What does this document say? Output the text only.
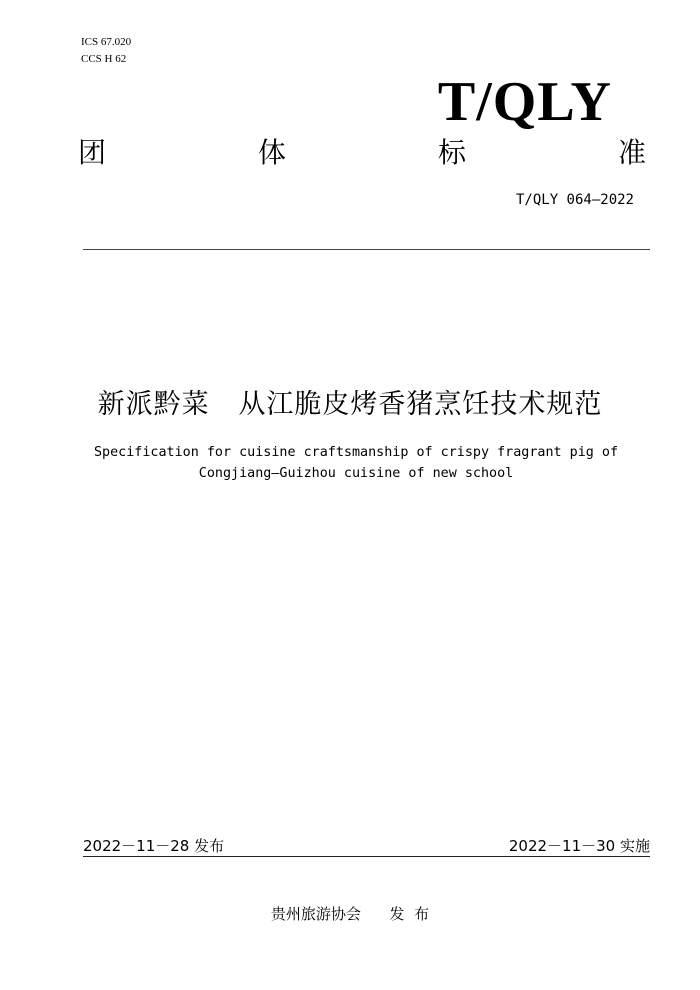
ICS 67.020
CCS H 62
T/QLY
团	体	标	准
T/QLY 064—2022
新派黔菜   从江脆皮烤香猪烹饪技术规范
Specification for cuisine craftsmanship of crispy fragrant pig of
Congjiang—Guizhou cuisine of new school
2022－11－28 发布	2022－11－30 实施
贵州旅游协会      发  布
